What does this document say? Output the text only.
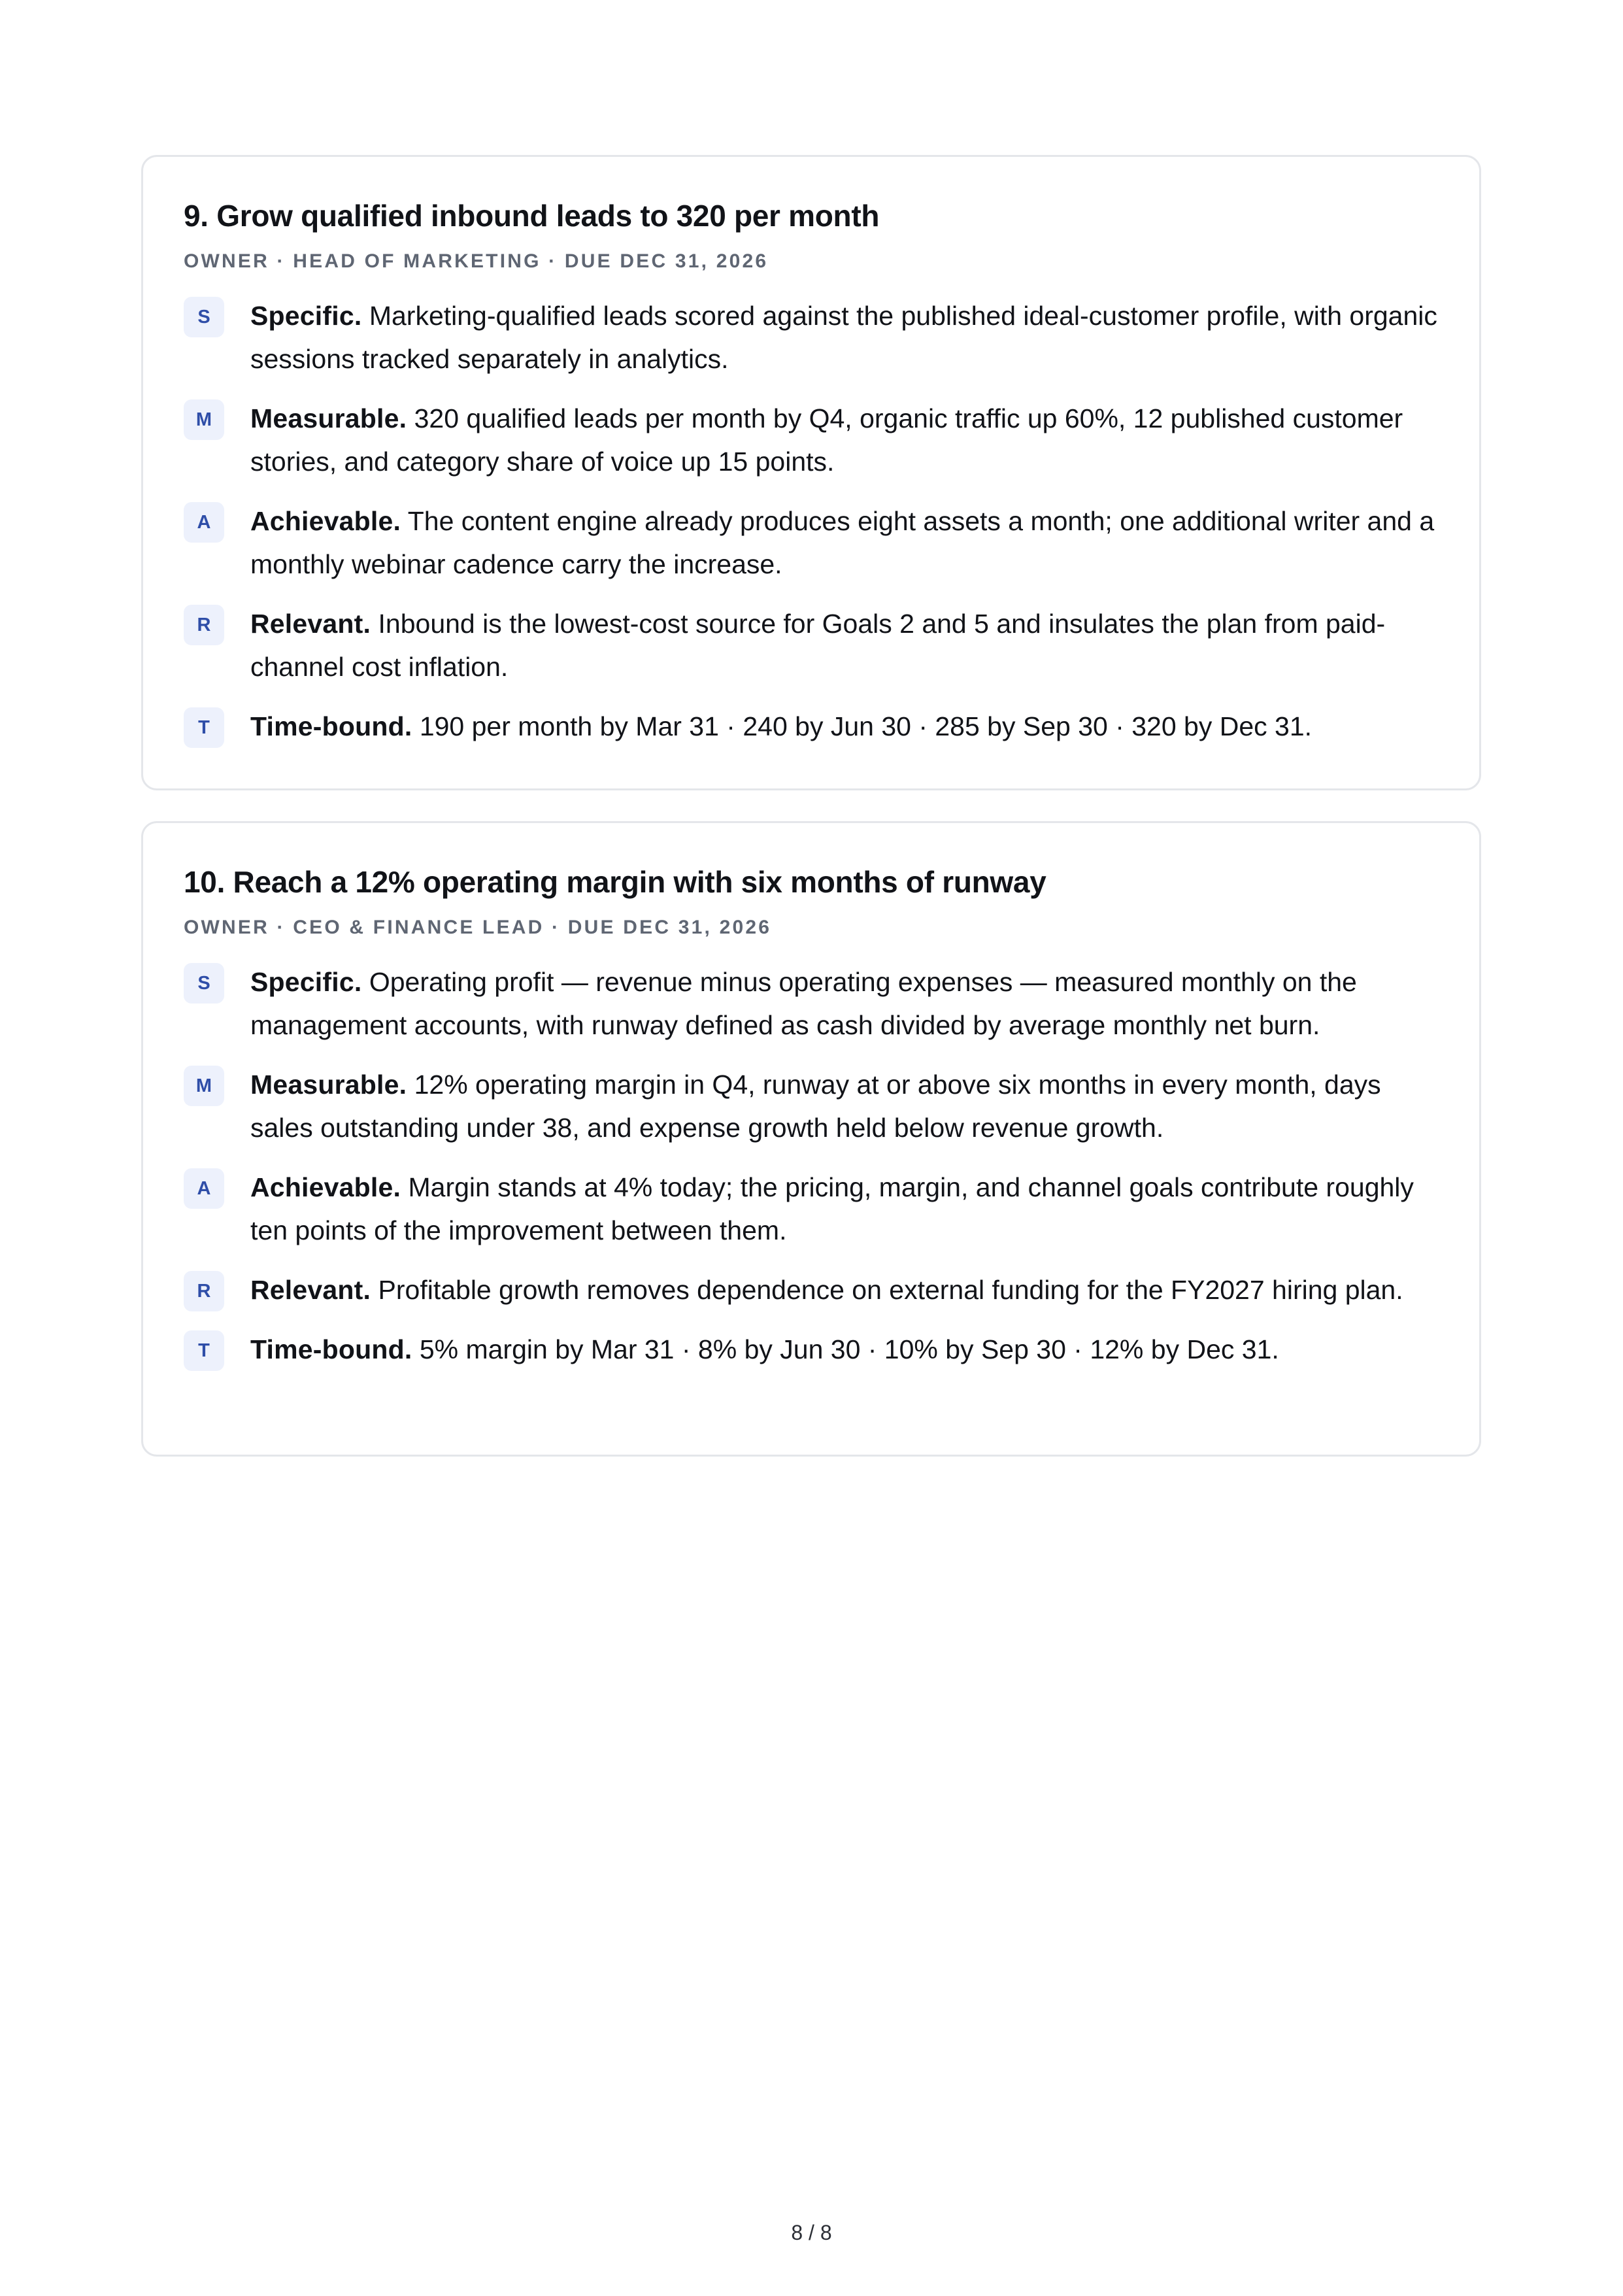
9. Grow qualified inbound leads to 320 per month
OWNER · HEAD OF MARKETING · DUE DEC 31, 2026
S	Specific. Marketing-qualified leads scored against the published ideal-customer profile, with organic sessions tracked separately in analytics.
M	Measurable. 320 qualified leads per month by Q4, organic traffic up 60%, 12 published customer stories, and category share of voice up 15 points.
A	Achievable. The content engine already produces eight assets a month; one additional writer and a monthly webinar cadence carry the increase.
R	Relevant. Inbound is the lowest-cost source for Goals 2 and 5 and insulates the plan from paid-channel cost inflation.
T	Time-bound. 190 per month by Mar 31 · 240 by Jun 30 · 285 by Sep 30 · 320 by Dec 31.
10. Reach a 12% operating margin with six months of runway
OWNER · CEO & FINANCE LEAD · DUE DEC 31, 2026
S	Specific. Operating profit — revenue minus operating expenses — measured monthly on the management accounts, with runway defined as cash divided by average monthly net burn.
M	Measurable. 12% operating margin in Q4, runway at or above six months in every month, days sales outstanding under 38, and expense growth held below revenue growth.
A	Achievable. Margin stands at 4% today; the pricing, margin, and channel goals contribute roughly ten points of the improvement between them.
R	Relevant. Profitable growth removes dependence on external funding for the FY2027 hiring plan.
T	Time-bound. 5% margin by Mar 31 · 8% by Jun 30 · 10% by Sep 30 · 12% by Dec 31.
8 / 8
